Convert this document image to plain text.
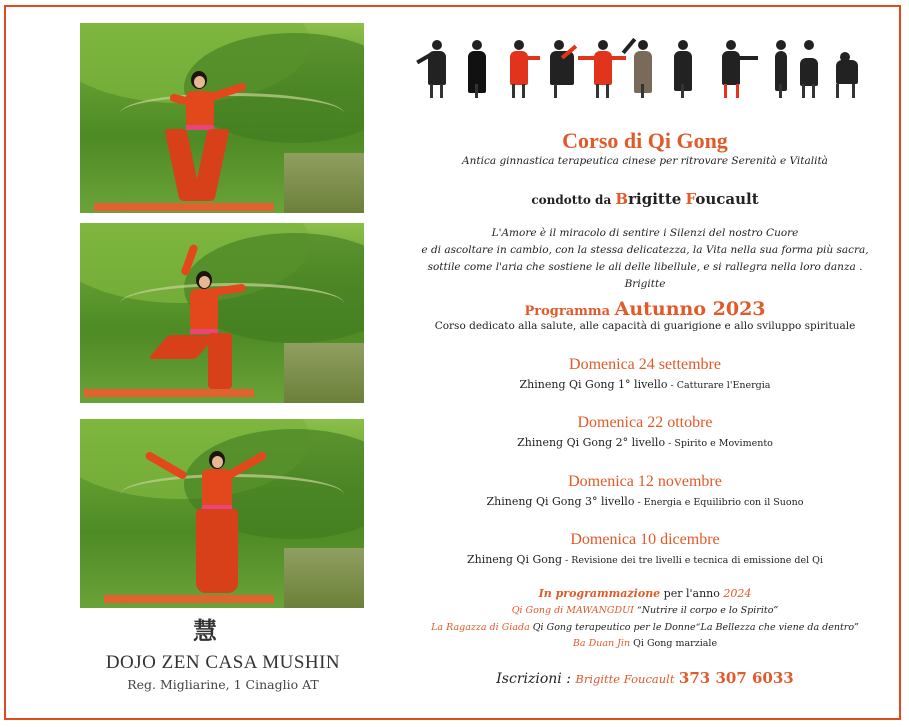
慧
DOJO ZEN CASA MUSHIN
Reg. Migliarine, 1 Cinaglio AT
Corso di Qi Gong
Antica ginnastica terapeutica cinese per ritrovare Serenità e Vitalità
condotto da Brigitte Foucault
L'Amore è il miracolo di sentire i Silenzi del nostro Cuore
e di ascoltare in cambio, con la stessa delicatezza, la Vita nella sua forma più sacra,
sottile come l'aria che sostiene le ali delle libellule, e si rallegra nella loro danza . Brigitte
Programma Autunno 2023
Corso dedicato alla salute, alle capacità di guarigione e allo sviluppo spirituale
Domenica 24 settembre
Zhineng Qi Gong 1° livello - Catturare l'Energia
Domenica 22 ottobre
Zhineng Qi Gong 2° livello - Spirito e Movimento
Domenica 12 novembre
Zhineng Qi Gong 3° livello - Energia e Equilibrio con il Suono
Domenica 10 dicembre
Zhineng Qi Gong - Revisione dei tre livelli e tecnica di emissione del Qi
In programmazione per l'anno 2024
Qi Gong di MAWANGDUI “Nutrire il corpo e lo Spirito”
La Ragazza di Giada Qi Gong terapeutico per le Donne“La Bellezza che viene da dentro”
Ba Duan Jin Qi Gong marziale
Iscrizioni : Brigitte Foucault 373 307 6033
